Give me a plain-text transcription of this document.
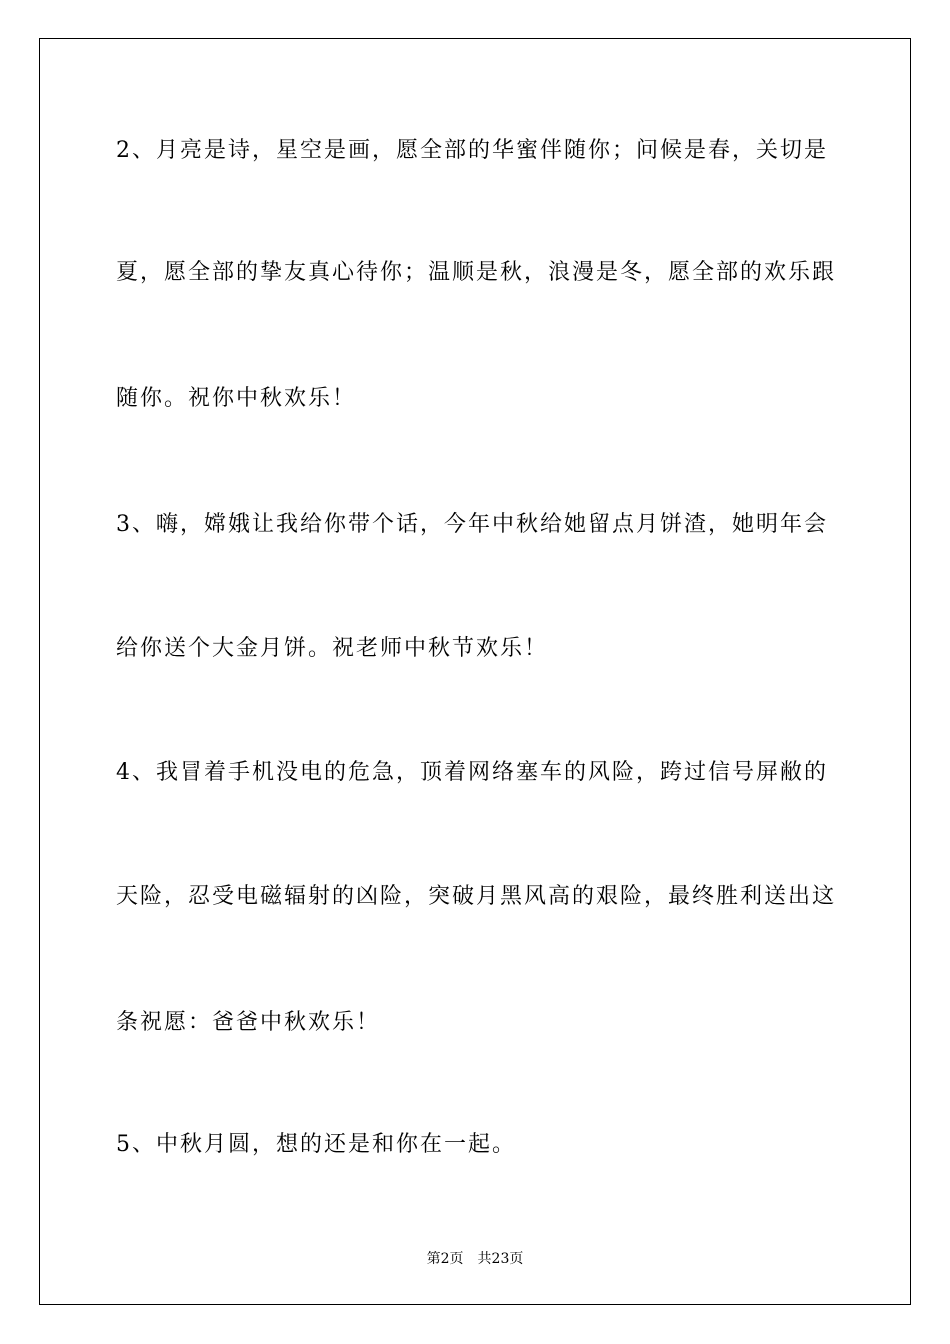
2、月亮是诗，星空是画，愿全部的华蜜伴随你；问候是春，关切是
夏，愿全部的挚友真心待你；温顺是秋，浪漫是冬，愿全部的欢乐跟
随你。祝你中秋欢乐！
3、嗨，嫦娥让我给你带个话，今年中秋给她留点月饼渣，她明年会
给你送个大金月饼。祝老师中秋节欢乐！
4、我冒着手机没电的危急，顶着网络塞车的风险，跨过信号屏敝的
天险，忍受电磁辐射的凶险，突破月黑风高的艰险，最终胜利送出这
条祝愿：爸爸中秋欢乐！
5、中秋月圆，想的还是和你在一起。
第2页　共23页
